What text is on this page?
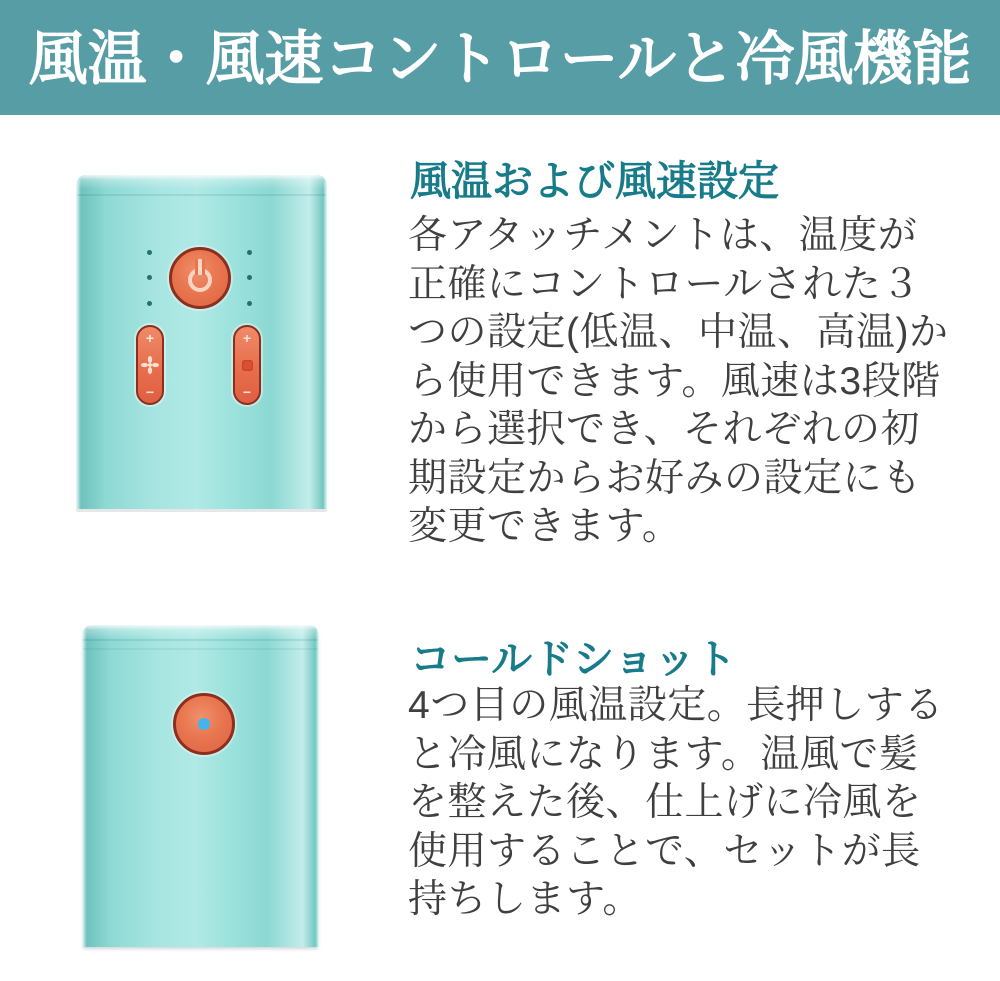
風温・風速コントロールと冷風機能
+
−
+
−
風温および風速設定
各アタッチメントは、温度が
正確にコントロールされた３
つの設定(低温、中温、高温)か
ら使用できます。風速は3段階
から選択でき、それぞれの初
期設定からお好みの設定にも
変更できます。
コールドショット
4つ目の風温設定。長押しする
と冷風になります。温風で髪
を整えた後、仕上げに冷風を
使用することで、セットが長
持ちします。
